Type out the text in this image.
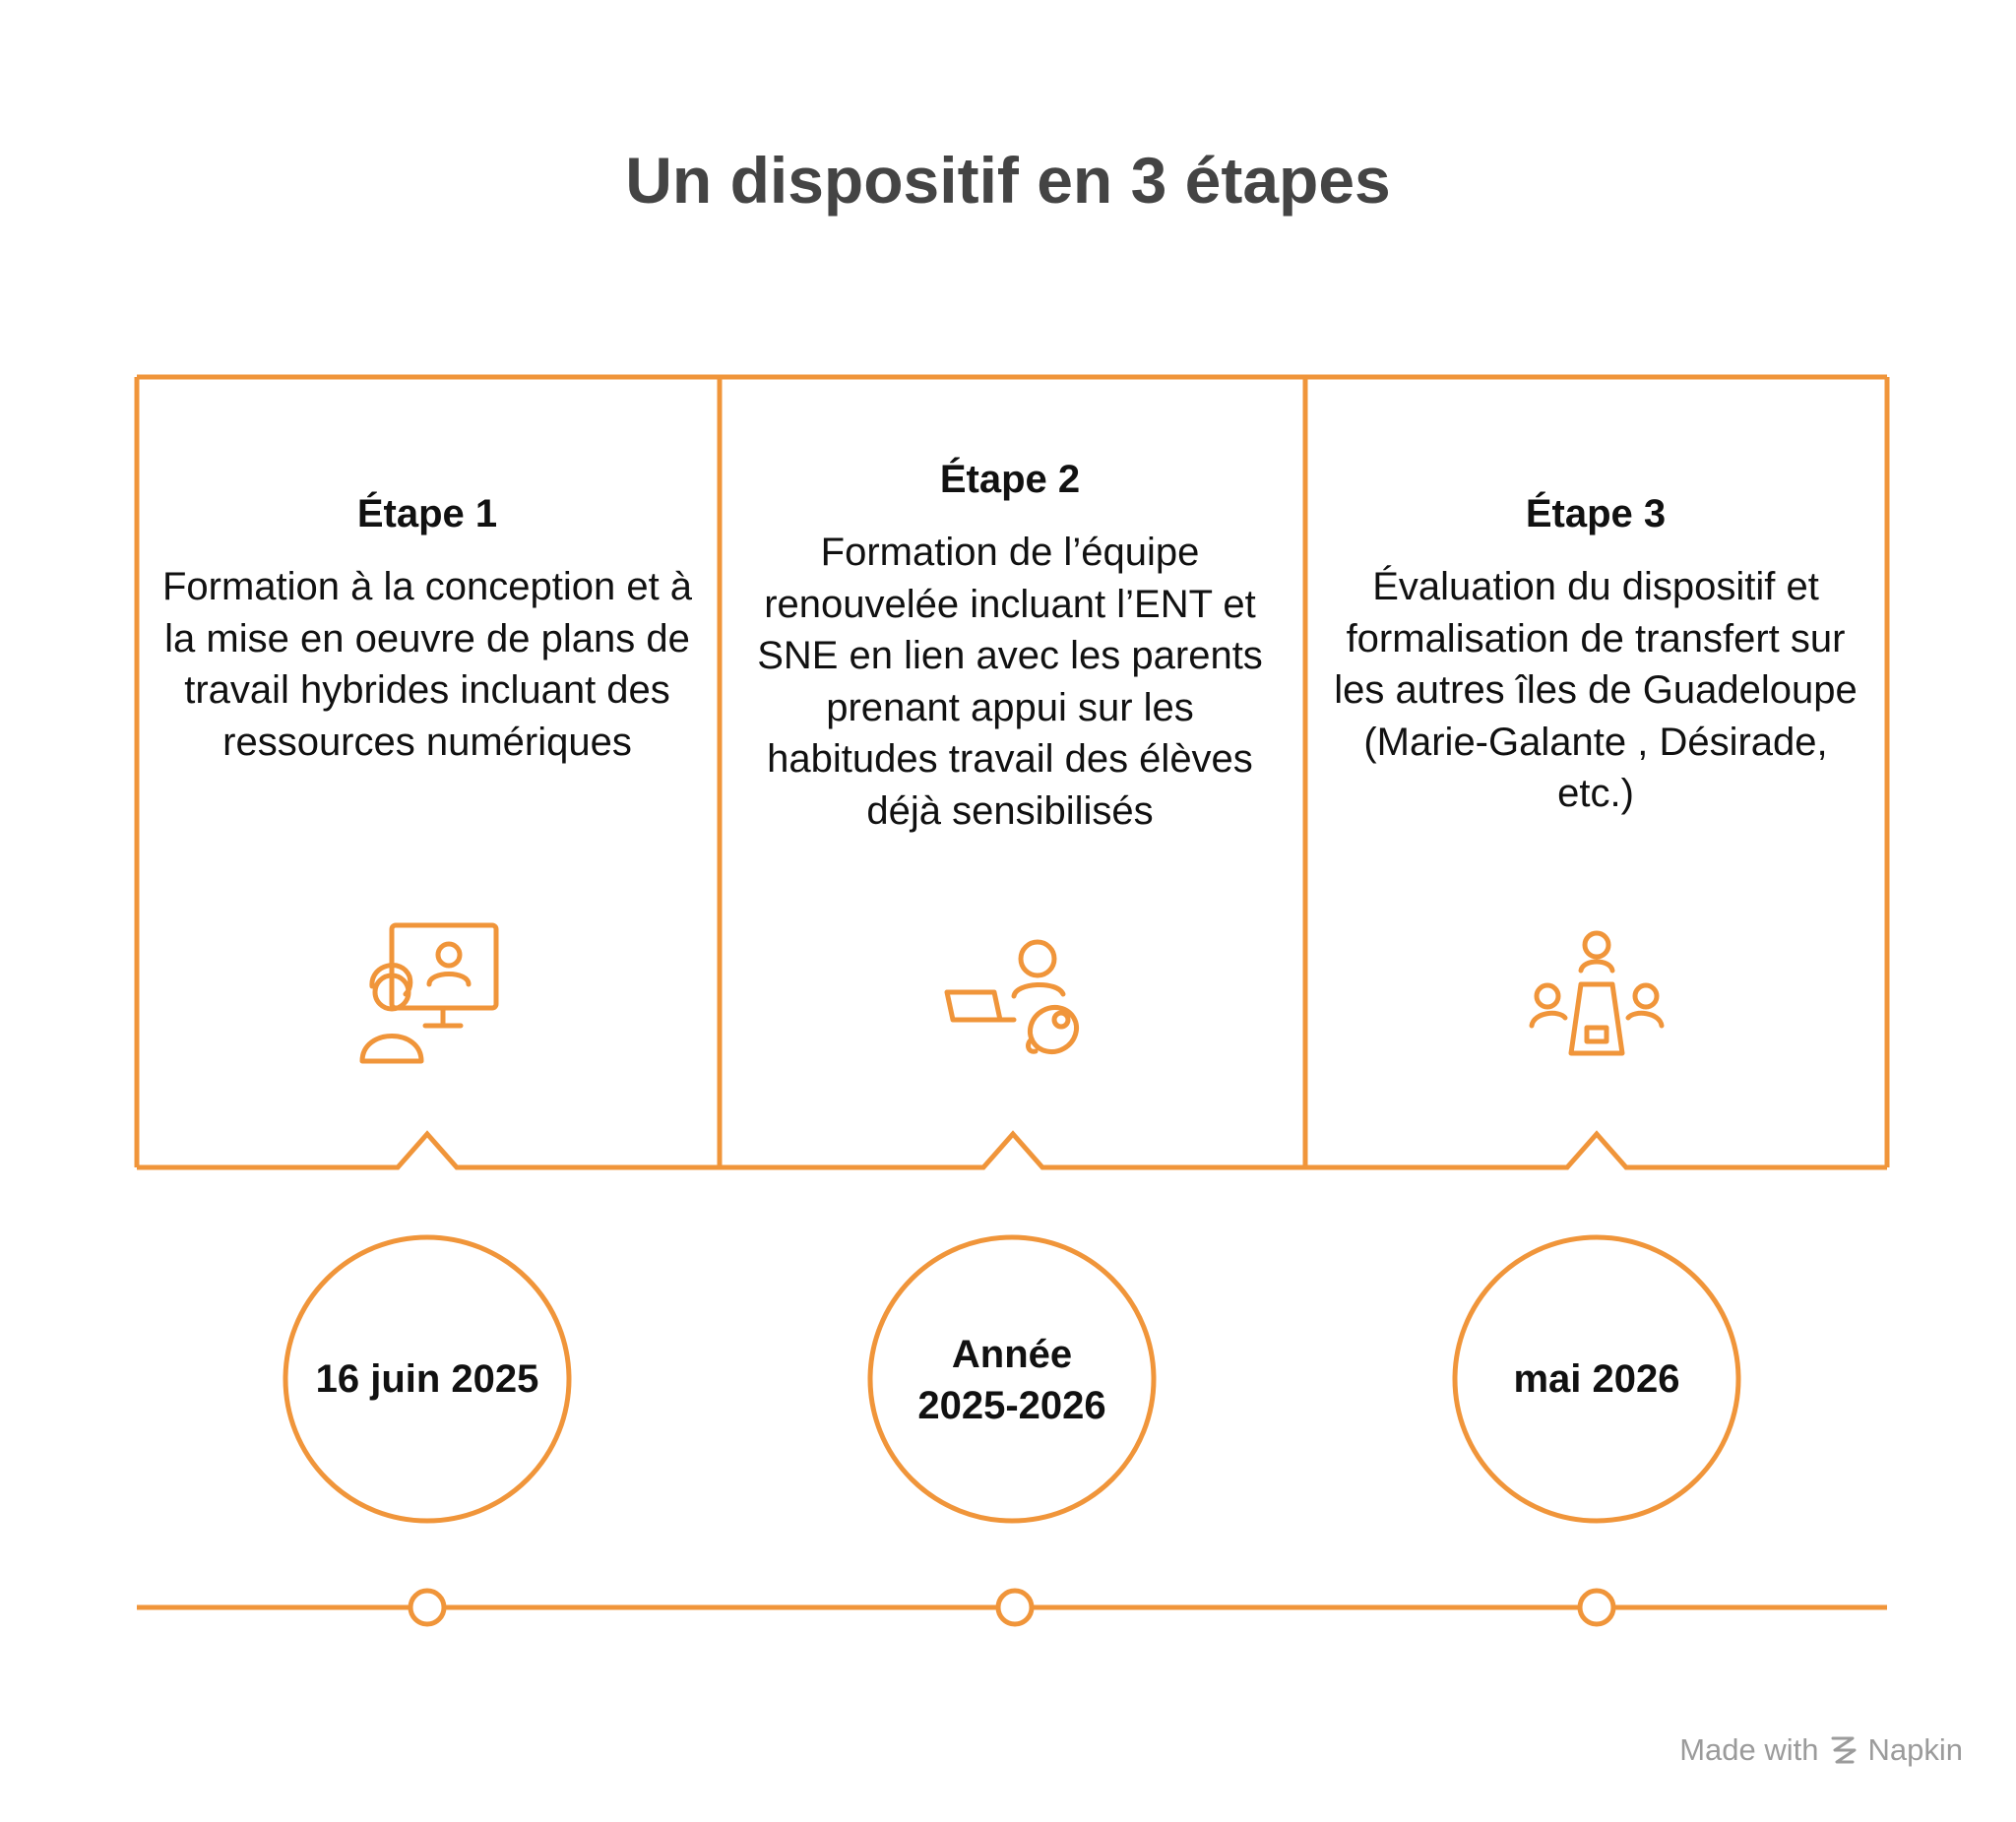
Un dispositif en 3 étapes
Étape 1
Formation à la conception et à la mise en oeuvre de plans de travail hybrides incluant des ressources numériques
Étape 2
Formation de l’équipe renouvelée incluant l’ENT et SNE en lien avec les parents prenant appui sur les habitudes travail des élèves déjà sensibilisés
Étape 3
Évaluation du dispositif et formalisation de transfert sur les autres îles de Guadeloupe (Marie-Galante , Désirade, etc.)
16 juin 2025
Année
2025-2026
mai 2026
Made with Napkin
